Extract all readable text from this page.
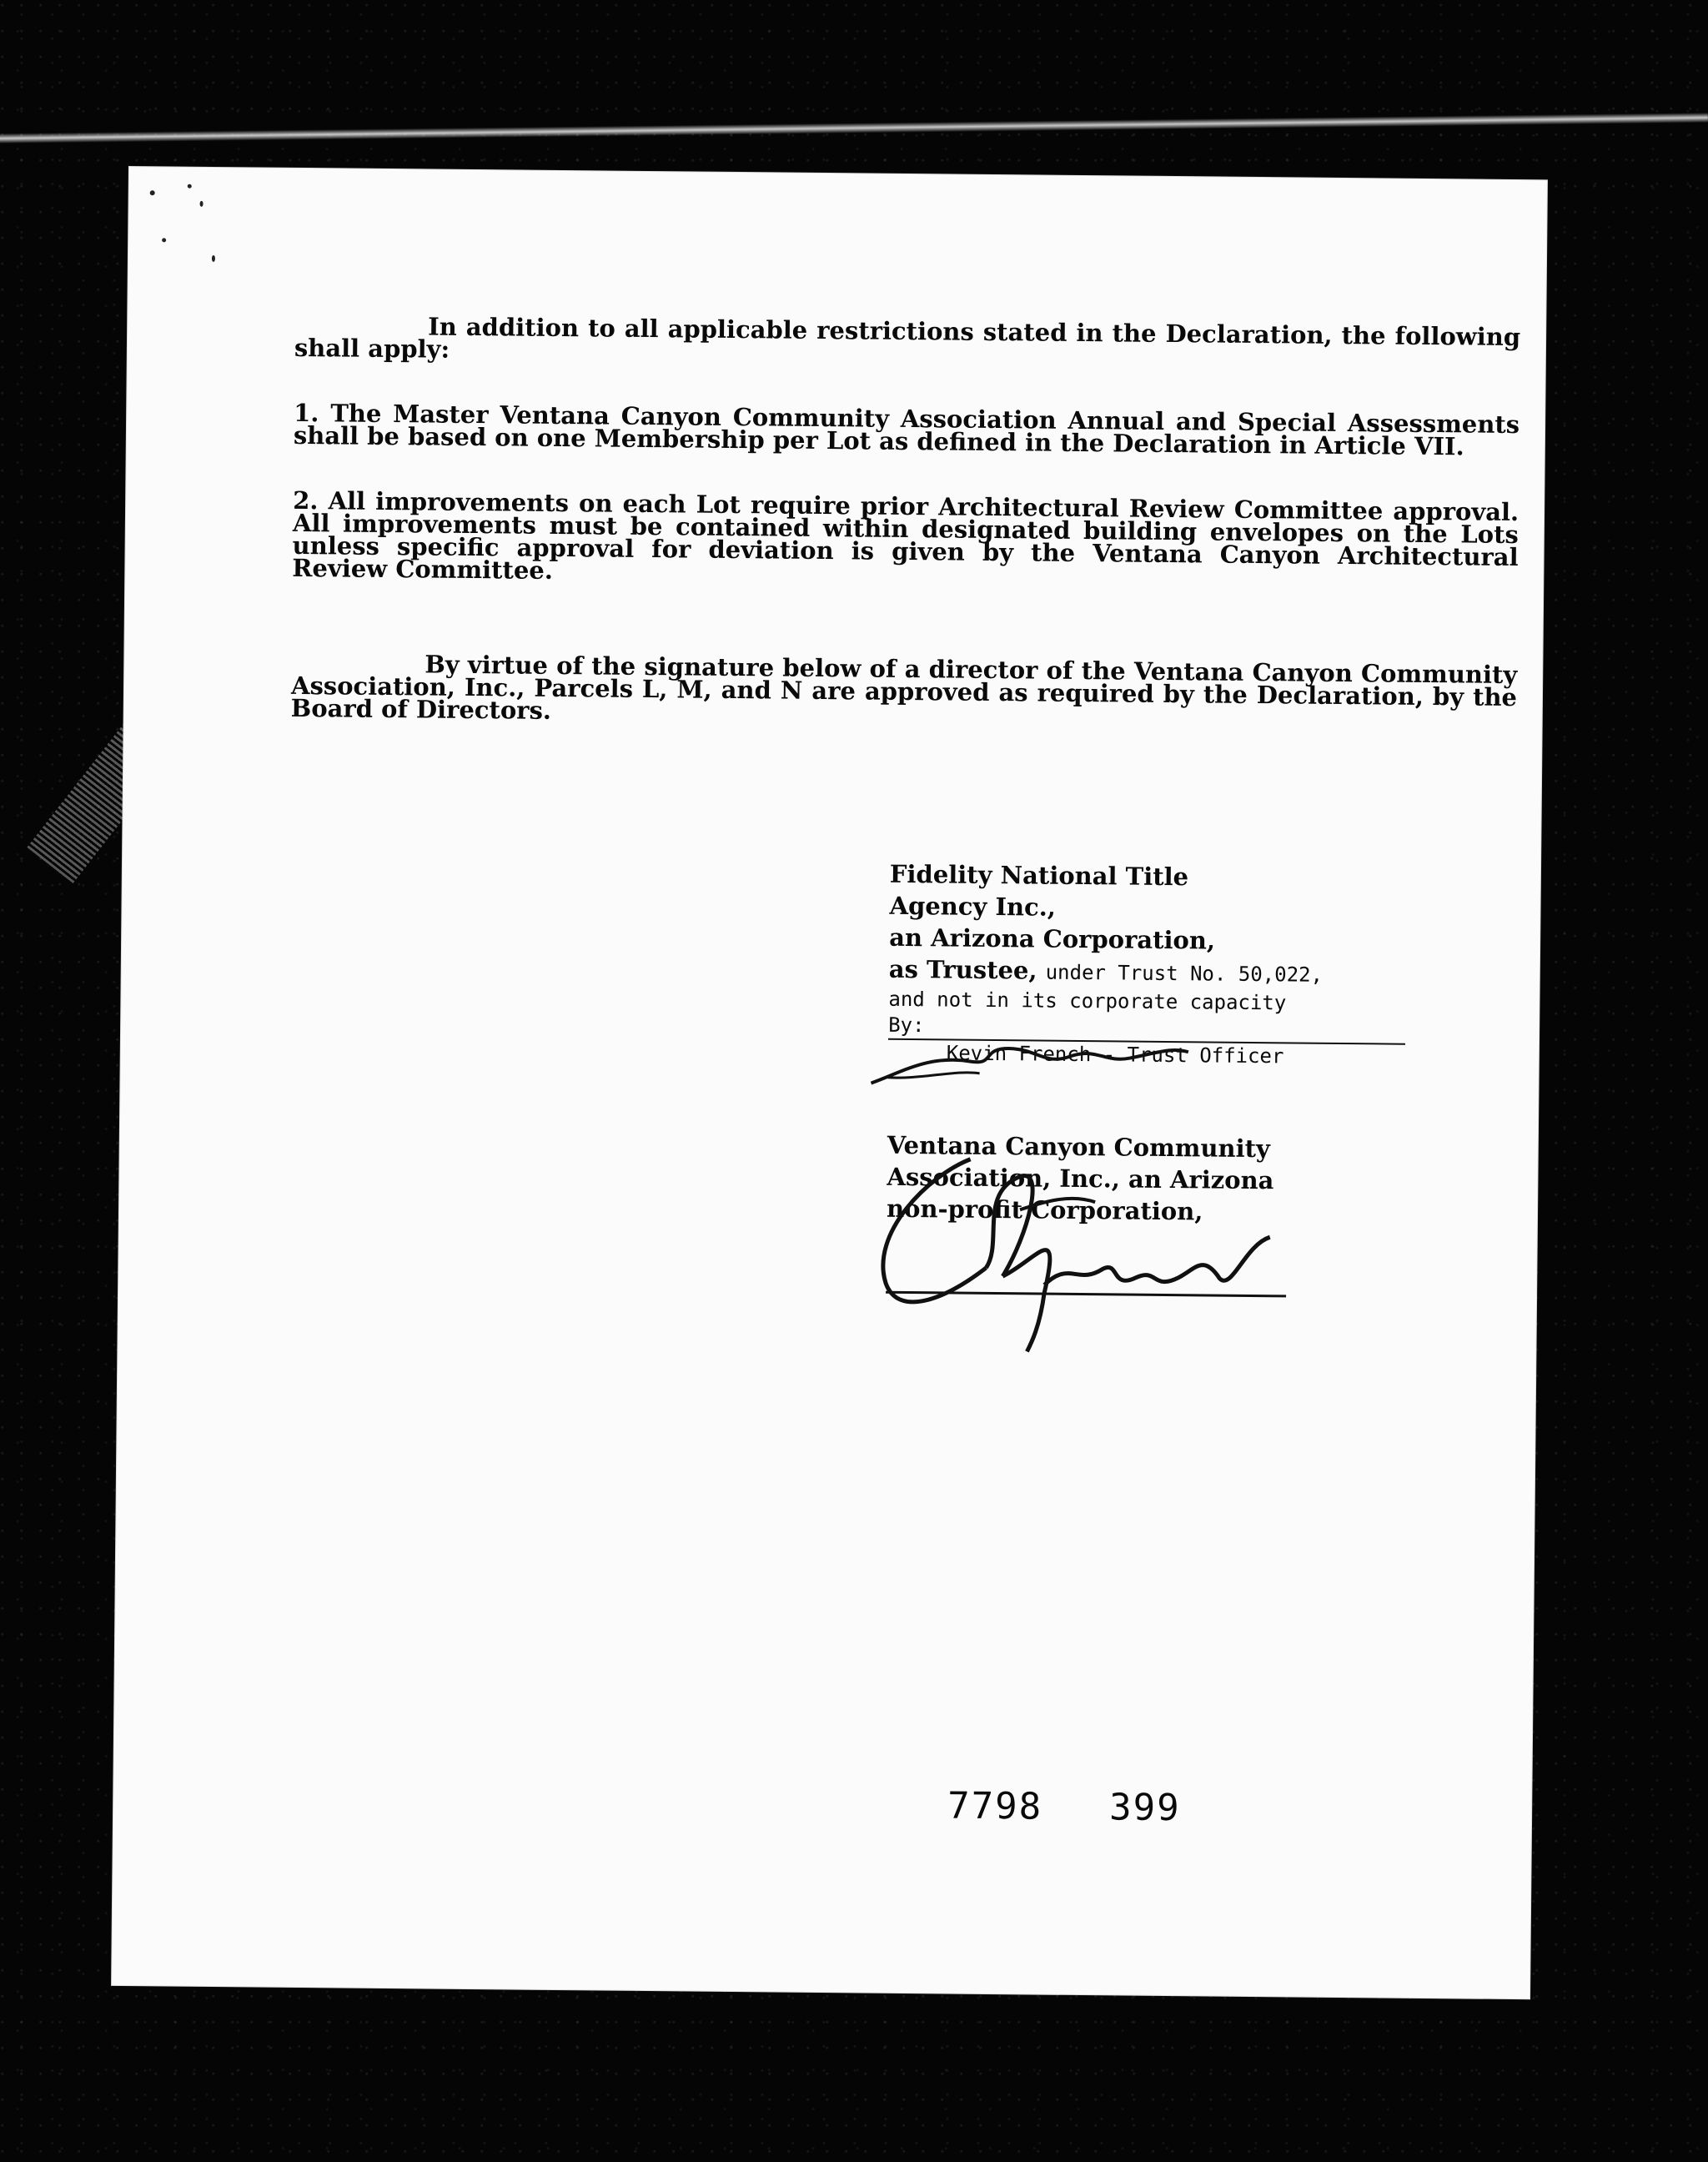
In addition to all applicable restrictions stated in the Declaration, the following shall apply:
1. The Master Ventana Canyon Community Association Annual and Special Assessments shall be based on one Membership per Lot as defined in the Declaration in Article VII.
2. All improvements on each Lot require prior Architectural Review Committee approval. All improvements must be contained within designated building envelopes on the Lots unless specific approval for deviation is given by the Ventana Canyon Architectural Review Committee.
By virtue of the signature below of a director of the Ventana Canyon Community Association, Inc., Parcels L, M, and N are approved as required by the Declaration, by the Board of Directors.
Fidelity National Title
Agency Inc.,
an Arizona Corporation,
as Trustee, under Trust No. 50,022,
and not in its corporate capacity
By:
Kevin French - Trust Officer
Ventana Canyon Community
Association, Inc., an Arizona
non-profit Corporation,
7798 399
